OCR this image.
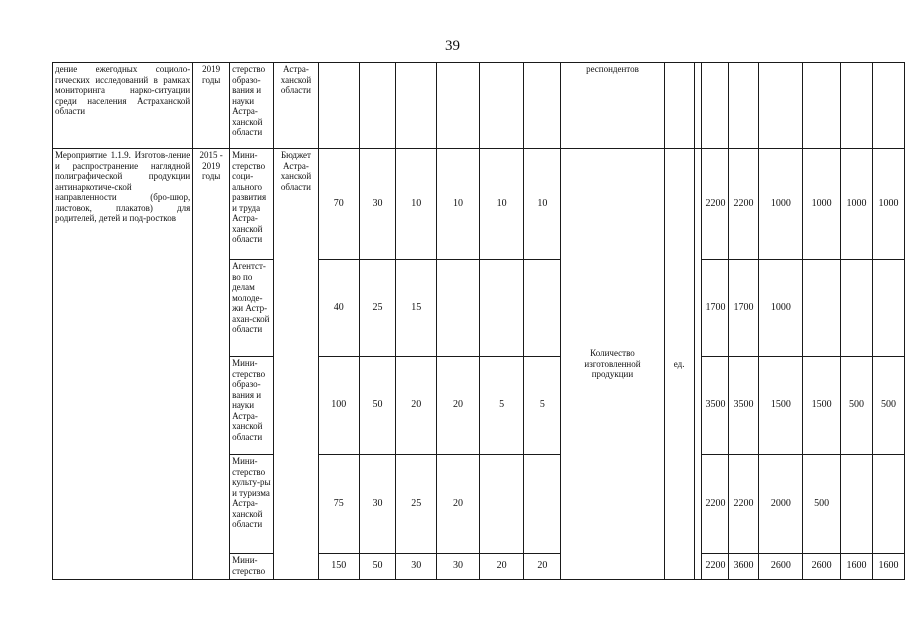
39
дение ежегодных социоло-гических исследований в рамках мониторинга нарко-ситуации среди населения Астраханской области	2019 годы	стерство образо-вания и науки Астра-ханской области	Астра-ханской области							респондентов								
Мероприятие 1.1.9. Изготов-ление и распространение наглядной полиграфической продукции антинаркотиче-ской направленности (бро-шюр, листовок, плакатов) для родителей, детей и под-ростков	2015 - 2019 годы	Мини-стерство соци-ального развития и труда Астра-ханской области	Бюджет Астра-ханской области	70	30	10	10	10	10	Количество изготовленной продукции	ед.		2200	2200	1000	1000	1000	1000
		Агентст-во по делам молоде-жи Астр-ахан-ской области		40	25	15							1700	1700	1000			
		Мини-стерство образо-вания и науки Астра-ханской области		100	50	20	20	5	5				3500	3500	1500	1500	500	500
		Мини-стерство культу-ры и туризма Астра-ханской области		75	30	25	20						2200	2200	2000	500		
		Мини-стерство		150	50	30	30	20	20				2200	3600	2600	2600	1600	1600
